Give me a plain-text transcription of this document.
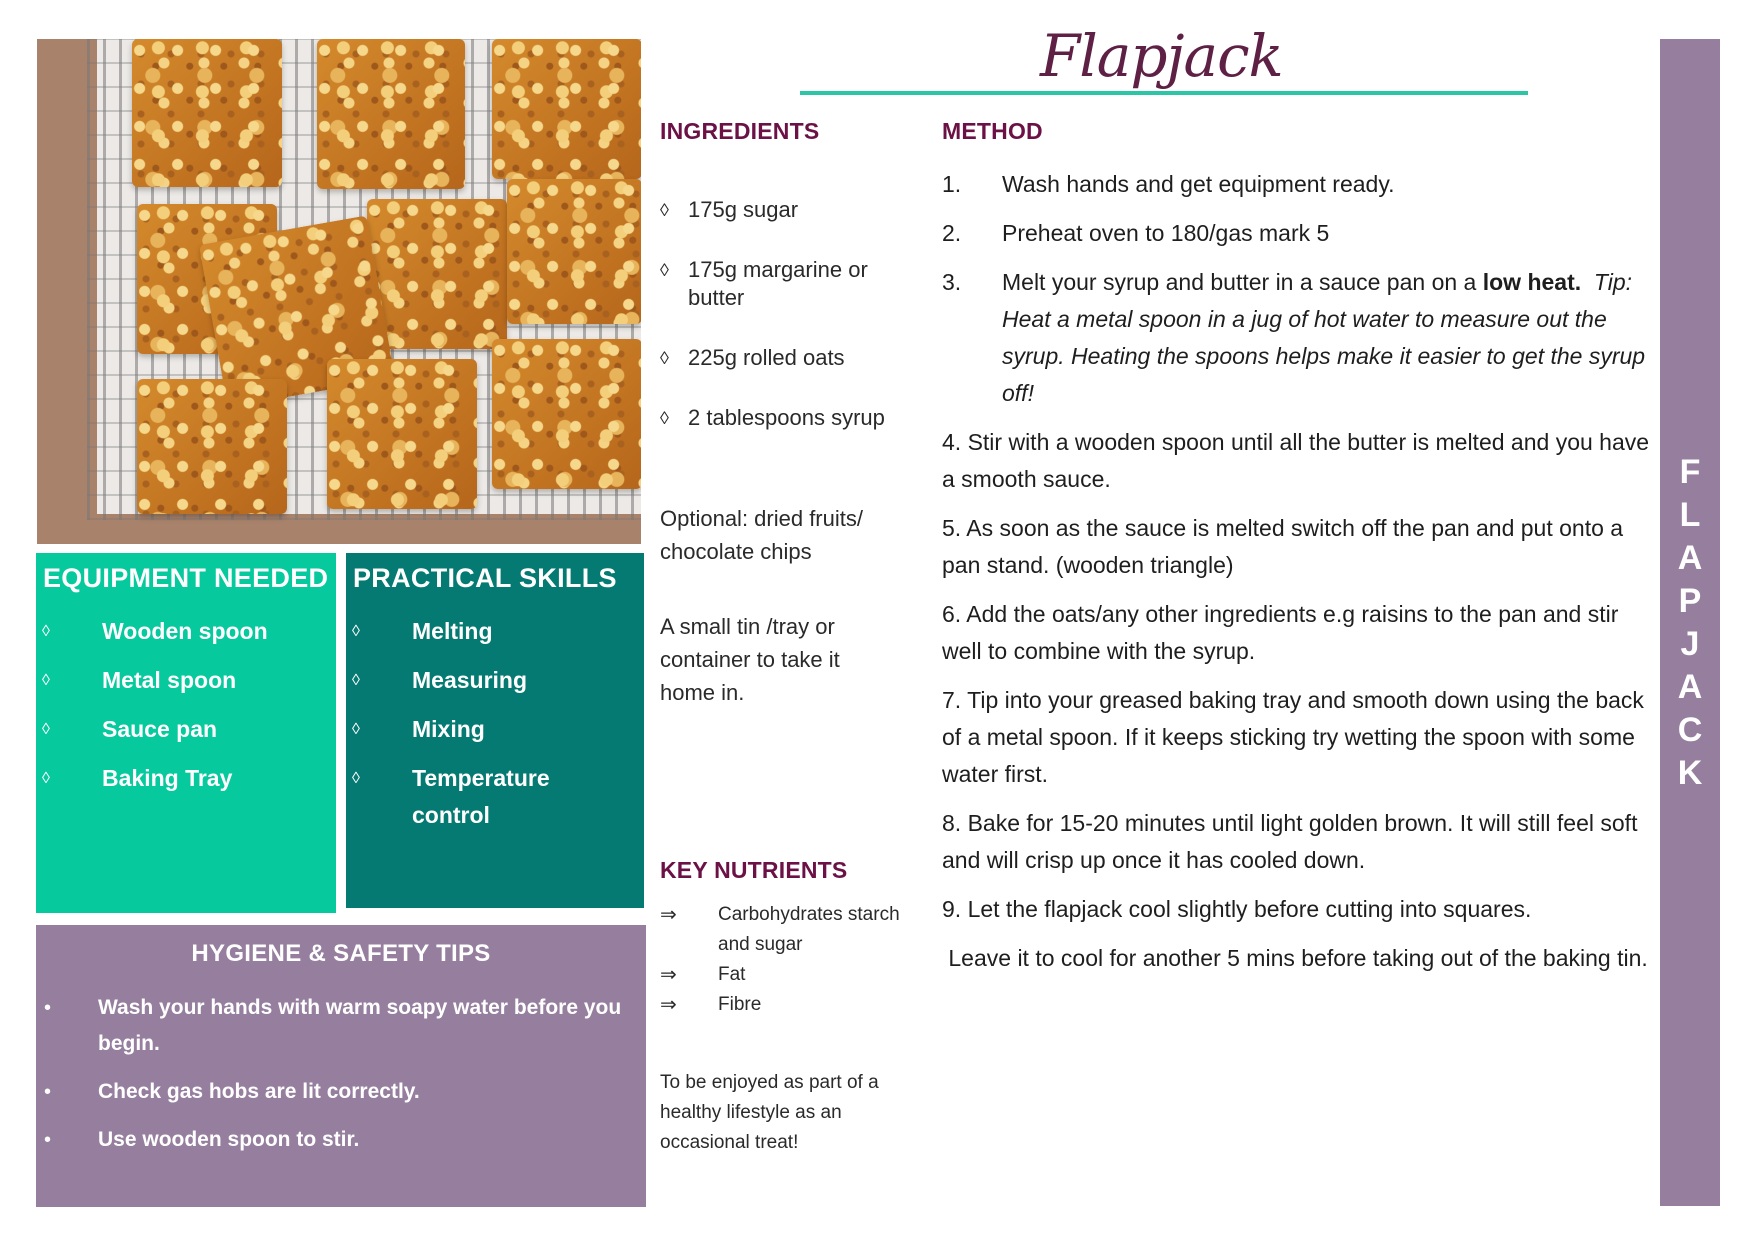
Flapjack
INGREDIENTS
◊ 175g sugar
◊ 175g margarine or butter
◊ 225g rolled oats
◊ 2 tablespoons syrup
Optional: dried fruits/ chocolate chips
A small tin /tray or container to take it home in.
KEY NUTRIENTS
⇒ Carbohydrates starch and sugar
⇒ Fat
⇒ Fibre
To be enjoyed as part of a healthy lifestyle as an occasional treat!
METHOD
1.	Wash hands and get equipment ready.
2.	Preheat oven to 180/gas mark 5
3.	Melt your syrup and butter in a sauce pan on a low heat. Tip: Heat a metal spoon in a jug of hot water to measure out the syrup. Heating the spoons helps make it easier to get the syrup off!
4. Stir with a wooden spoon until all the butter is melted and you have a smooth sauce.
5. As soon as the sauce is melted switch off the pan and put onto a pan stand. (wooden triangle)
6. Add the oats/any other ingredients e.g raisins to the pan and stir well to combine with the syrup.
7. Tip into your greased baking tray and smooth down using the back of a metal spoon. If it keeps sticking try wetting the spoon with some water first.
8. Bake for 15-20 minutes until light golden brown. It will still feel soft and will crisp up once it has cooled down.
9. Let the flapjack cool slightly before cutting into squares.
Leave it to cool for another 5 mins before taking out of the baking tin.
EQUIPMENT NEEDED
◊ Wooden spoon
◊ Metal spoon
◊ Sauce pan
◊ Baking Tray
PRACTICAL SKILLS
◊ Melting
◊ Measuring
◊ Mixing
◊ Temperature control
HYGIENE & SAFETY TIPS
• Wash your hands with warm soapy water before you begin.
• Check gas hobs are lit correctly.
• Use wooden spoon to stir.
F
L
A
P
J
A
C
K
